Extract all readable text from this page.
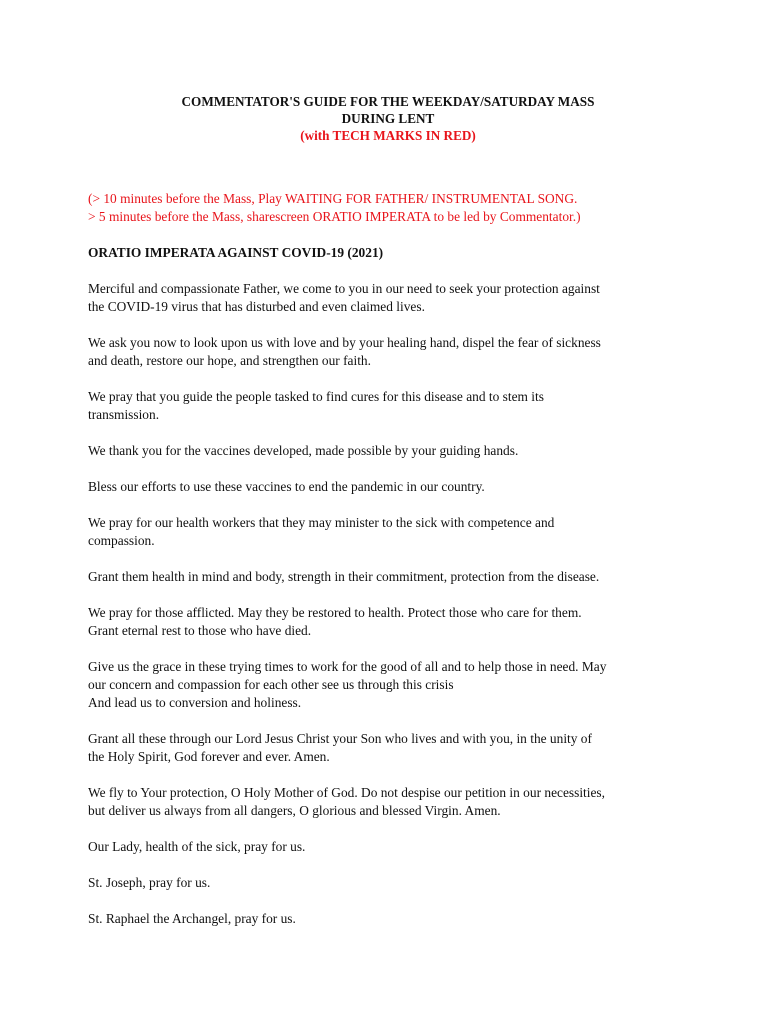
COMMENTATOR'S GUIDE FOR THE WEEKDAY/SATURDAY MASS

DURING LENT

(with TECH MARKS IN RED)

(> 10 minutes before the Mass, Play WAITING FOR FATHER/ INSTRUMENTAL SONG.
> 5 minutes before the Mass, sharescreen ORATIO IMPERATA to be led by Commentator.)
ORATIO IMPERATA AGAINST COVID-19 (2021)

Merciful and compassionate Father, we come to you in our need to seek your protection against
the COVID-19 virus that has disturbed and even claimed lives.

We ask you now to look upon us with love and by your healing hand, dispel the fear of sickness
and death, restore our hope, and strengthen our faith.

We pray that you guide the people tasked to find cures for this disease and to stem its
transmission.

We thank you for the vaccines developed, made possible by your guiding hands.

Bless our efforts to use these vaccines to end the pandemic in our country.

We pray for our health workers that they may minister to the sick with competence and
compassion.

Grant them health in mind and body, strength in their commitment, protection from the disease.

We pray for those afflicted. May they be restored to health. Protect those who care for them.
Grant eternal rest to those who have died.

Give us the grace in these trying times to work for the good of all and to help those in need. May
our concern and compassion for each other see us through this crisis
And lead us to conversion and holiness.

Grant all these through our Lord Jesus Christ your Son who lives and with you, in the unity of
the Holy Spirit, God forever and ever. Amen.

We fly to Your protection, O Holy Mother of God. Do not despise our petition in our necessities,
but deliver us always from all dangers, O glorious and blessed Virgin. Amen.

Our Lady, health of the sick, pray for us.

St. Joseph, pray for us.

St. Raphael the Archangel, pray for us.
